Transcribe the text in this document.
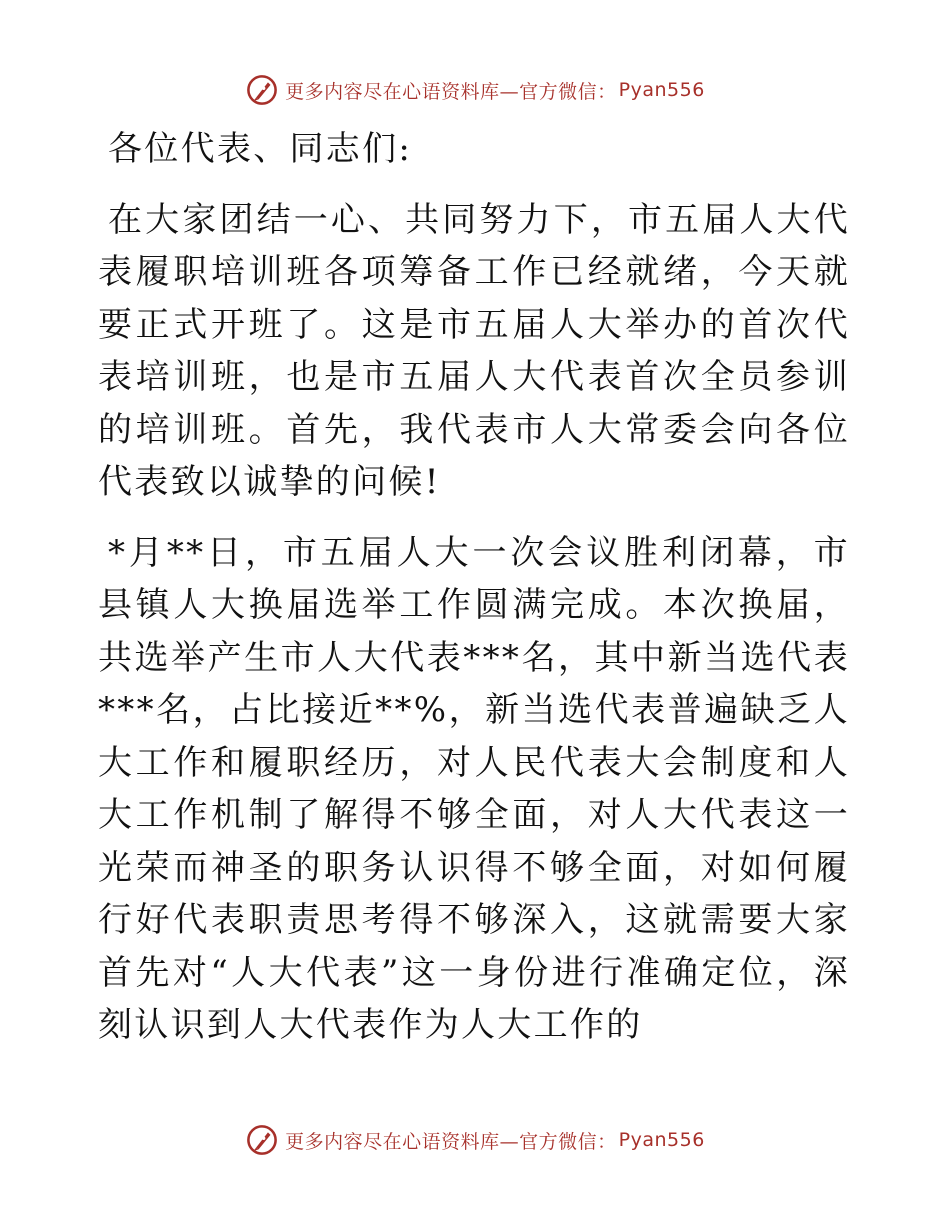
更多内容尽在心语资料库—官方微信： Pyan556

各位代表、同志们:

在大家团结一心、共同努力下，市五届人大代表履职培训班各项筹备工作已经就绪，今天就要正式开班了。这是市五届人大举办的首次代表培训班，也是市五届人大代表首次全员参训的培训班。首先，我代表市人大常委会向各位代表致以诚挚的问候!

*月**日，市五届人大一次会议胜利闭幕，市县镇人大换届选举工作圆满完成。本次换届，共选举产生市人大代表***名，其中新当选代表***名，占比接近**%，新当选代表普遍缺乏人大工作和履职经历，对人民代表大会制度和人大工作机制了解得不够全面，对人大代表这一光荣而神圣的职务认识得不够全面，对如何履行好代表职责思考得不够深入，这就需要大家首先对“人大代表”这一身份进行准确定位，深刻认识到人大代表作为人大工作的

更多内容尽在心语资料库—官方微信： Pyan556
